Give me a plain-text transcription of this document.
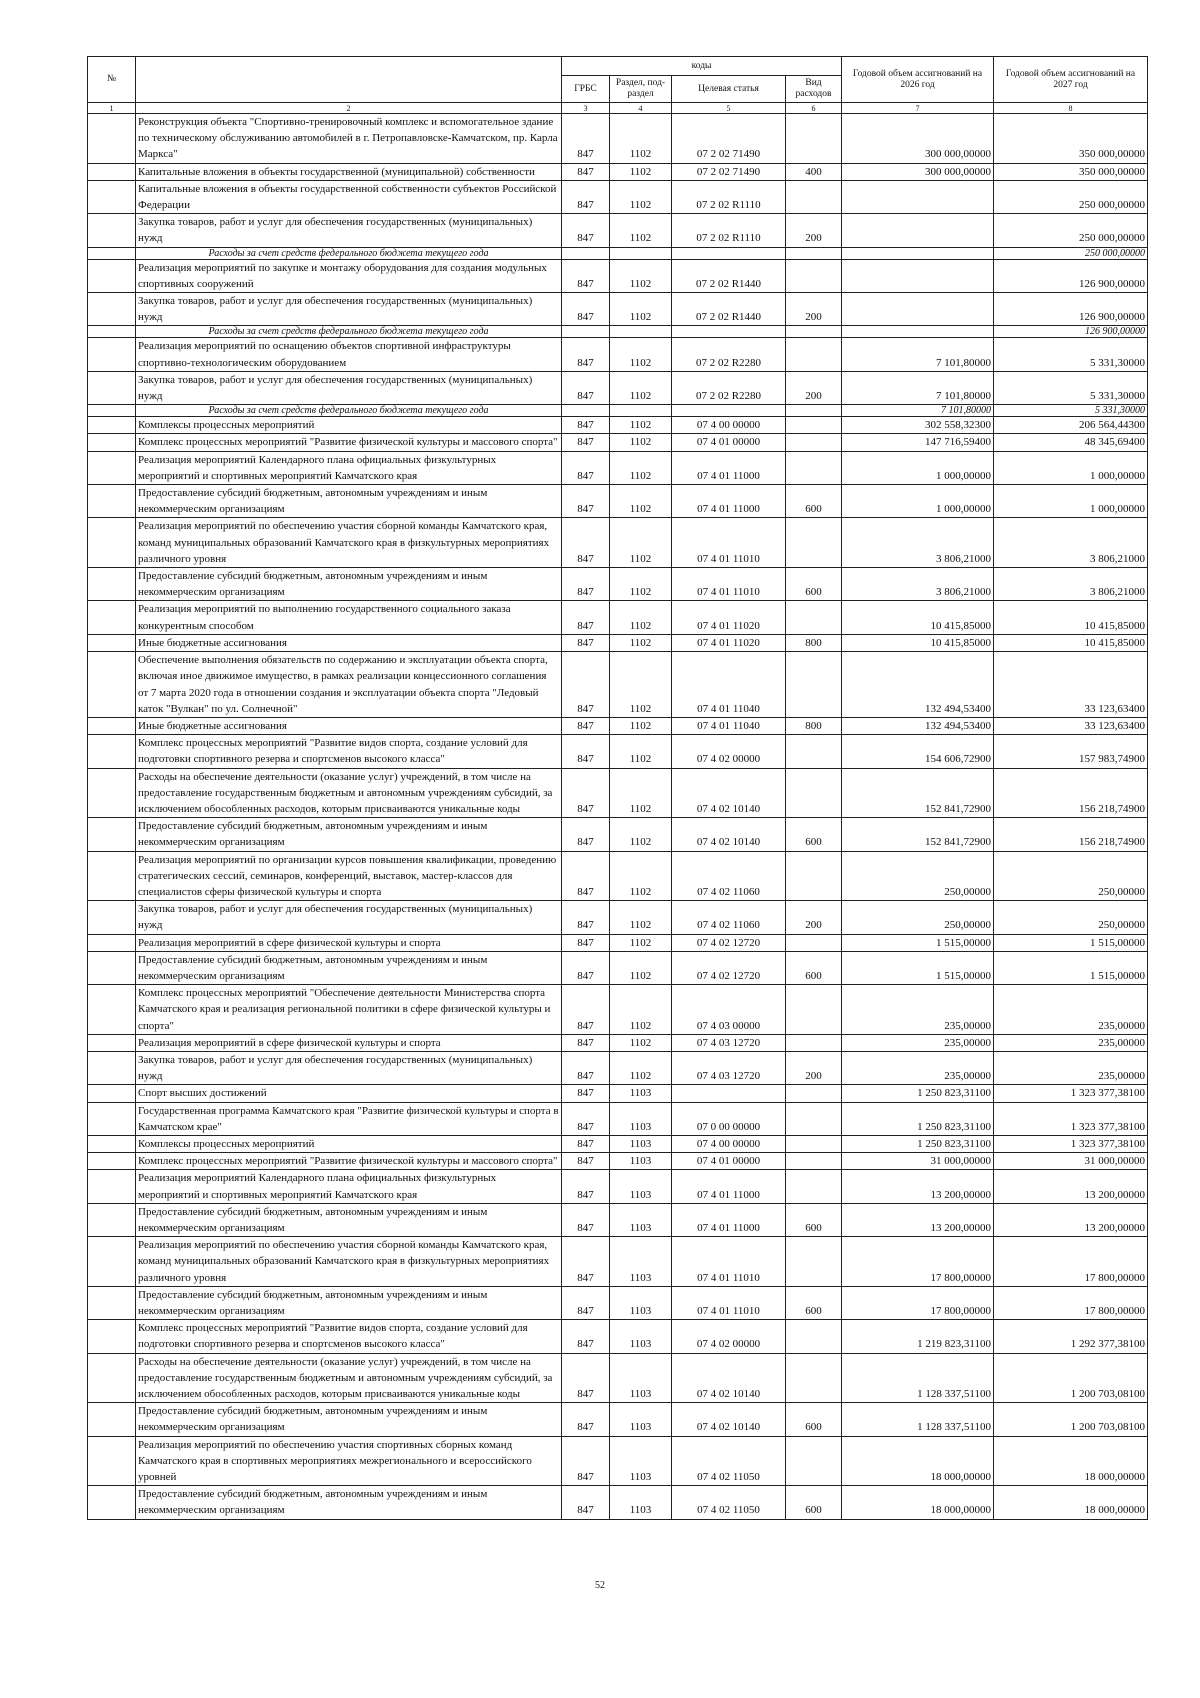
№		коды				Годовой объем ассигнований на 2026 год	Годовой объем ассигнований на 2027 год
		ГРБС	Раздел, под-раздел	Целевая статья	Вид расходов		
1	2	3	4	5	6	7	8
	Реконструкция объекта "Спортивно-тренировочный комплекс и вспомогательное здание по техническому обслуживанию автомобилей в г. Петропавловске-Камчатском, пр. Карла Маркса"	847	1102	07 2 02 71490		300 000,00000	350 000,00000
	Капитальные вложения в объекты государственной (муниципальной) собственности	847	1102	07 2 02 71490	400	300 000,00000	350 000,00000
	Капитальные вложения в объекты государственной собственности субъектов Российской Федерации	847	1102	07 2 02 R1110			250 000,00000
	Закупка товаров, работ и услуг для обеспечения государственных (муниципальных) нужд	847	1102	07 2 02 R1110	200		250 000,00000
	Расходы за счет средств федерального бюджета текущего года						250 000,00000
	Реализация мероприятий по закупке и монтажу оборудования для создания модульных спортивных сооружений	847	1102	07 2 02 R1440			126 900,00000
	Закупка товаров, работ и услуг для обеспечения государственных (муниципальных) нужд	847	1102	07 2 02 R1440	200		126 900,00000
	Расходы за счет средств федерального бюджета текущего года						126 900,00000
	Реализация мероприятий по оснащению объектов спортивной инфраструктуры спортивно-технологическим оборудованием	847	1102	07 2 02 R2280		7 101,80000	5 331,30000
	Закупка товаров, работ и услуг для обеспечения государственных (муниципальных) нужд	847	1102	07 2 02 R2280	200	7 101,80000	5 331,30000
	Расходы за счет средств федерального бюджета текущего года					7 101,80000	5 331,30000
	Комплексы процессных мероприятий	847	1102	07 4 00 00000		302 558,32300	206 564,44300
	Комплекс процессных мероприятий "Развитие физической культуры и массового спорта"	847	1102	07 4 01 00000		147 716,59400	48 345,69400
	Реализация мероприятий Календарного плана официальных физкультурных мероприятий и спортивных мероприятий Камчатского края	847	1102	07 4 01 11000		1 000,00000	1 000,00000
	Предоставление субсидий бюджетным, автономным учреждениям и иным некоммерческим организациям	847	1102	07 4 01 11000	600	1 000,00000	1 000,00000
	Реализация мероприятий по обеспечению участия сборной команды Камчатского края, команд муниципальных образований Камчатского края в физкультурных мероприятиях различного уровня	847	1102	07 4 01 11010		3 806,21000	3 806,21000
	Предоставление субсидий бюджетным, автономным учреждениям и иным некоммерческим организациям	847	1102	07 4 01 11010	600	3 806,21000	3 806,21000
	Реализация мероприятий по выполнению государственного социального заказа конкурентным способом	847	1102	07 4 01 11020		10 415,85000	10 415,85000
	Иные бюджетные ассигнования	847	1102	07 4 01 11020	800	10 415,85000	10 415,85000
	Обеспечение выполнения обязательств по содержанию и эксплуатации объекта спорта, включая иное движимое имущество, в рамках реализации концессионного соглашения от 7 марта 2020 года в отношении создания и эксплуатации объекта спорта "Ледовый каток "Вулкан" по ул. Солнечной"	847	1102	07 4 01 11040		132 494,53400	33 123,63400
	Иные бюджетные ассигнования	847	1102	07 4 01 11040	800	132 494,53400	33 123,63400
	Комплекс процессных мероприятий "Развитие видов спорта, создание условий для подготовки спортивного резерва и спортсменов высокого класса"	847	1102	07 4 02 00000		154 606,72900	157 983,74900
	Расходы на обеспечение деятельности (оказание услуг) учреждений, в том числе на предоставление государственным бюджетным и автономным учреждениям субсидий, за исключением обособленных расходов, которым присваиваются уникальные коды	847	1102	07 4 02 10140		152 841,72900	156 218,74900
	Предоставление субсидий бюджетным, автономным учреждениям и иным некоммерческим организациям	847	1102	07 4 02 10140	600	152 841,72900	156 218,74900
	Реализация мероприятий по организации курсов повышения квалификации, проведению стратегических сессий, семинаров, конференций, выставок, мастер-классов для специалистов сферы физической культуры и спорта	847	1102	07 4 02 11060		250,00000	250,00000
	Закупка товаров, работ и услуг для обеспечения государственных (муниципальных) нужд	847	1102	07 4 02 11060	200	250,00000	250,00000
	Реализация мероприятий в сфере физической культуры и спорта	847	1102	07 4 02 12720		1 515,00000	1 515,00000
	Предоставление субсидий бюджетным, автономным учреждениям и иным некоммерческим организациям	847	1102	07 4 02 12720	600	1 515,00000	1 515,00000
	Комплекс процессных мероприятий "Обеспечение деятельности Министерства спорта Камчатского края и реализация региональной политики в сфере физической культуры и спорта"	847	1102	07 4 03 00000		235,00000	235,00000
	Реализация мероприятий в сфере физической культуры и спорта	847	1102	07 4 03 12720		235,00000	235,00000
	Закупка товаров, работ и услуг для обеспечения государственных (муниципальных) нужд	847	1102	07 4 03 12720	200	235,00000	235,00000
	Спорт высших достижений	847	1103			1 250 823,31100	1 323 377,38100
	Государственная программа Камчатского края "Развитие физической культуры и спорта в Камчатском крае"	847	1103	07 0 00 00000		1 250 823,31100	1 323 377,38100
	Комплексы процессных мероприятий	847	1103	07 4 00 00000		1 250 823,31100	1 323 377,38100
	Комплекс процессных мероприятий "Развитие физической культуры и массового спорта"	847	1103	07 4 01 00000		31 000,00000	31 000,00000
	Реализация мероприятий Календарного плана официальных физкультурных мероприятий и спортивных мероприятий Камчатского края	847	1103	07 4 01 11000		13 200,00000	13 200,00000
	Предоставление субсидий бюджетным, автономным учреждениям и иным некоммерческим организациям	847	1103	07 4 01 11000	600	13 200,00000	13 200,00000
	Реализация мероприятий по обеспечению участия сборной команды Камчатского края, команд муниципальных образований Камчатского края в физкультурных мероприятиях различного уровня	847	1103	07 4 01 11010		17 800,00000	17 800,00000
	Предоставление субсидий бюджетным, автономным учреждениям и иным некоммерческим организациям	847	1103	07 4 01 11010	600	17 800,00000	17 800,00000
	Комплекс процессных мероприятий "Развитие видов спорта, создание условий для подготовки спортивного резерва и спортсменов высокого класса"	847	1103	07 4 02 00000		1 219 823,31100	1 292 377,38100
	Расходы на обеспечение деятельности (оказание услуг) учреждений, в том числе на предоставление государственным бюджетным и автономным учреждениям субсидий, за исключением обособленных расходов, которым присваиваются уникальные коды	847	1103	07 4 02 10140		1 128 337,51100	1 200 703,08100
	Предоставление субсидий бюджетным, автономным учреждениям и иным некоммерческим организациям	847	1103	07 4 02 10140	600	1 128 337,51100	1 200 703,08100
	Реализация мероприятий по обеспечению участия спортивных сборных команд Камчатского края в спортивных мероприятиях межрегионального и всероссийского уровней	847	1103	07 4 02 11050		18 000,00000	18 000,00000
	Предоставление субсидий бюджетным, автономным учреждениям и иным некоммерческим организациям	847	1103	07 4 02 11050	600	18 000,00000	18 000,00000
52
